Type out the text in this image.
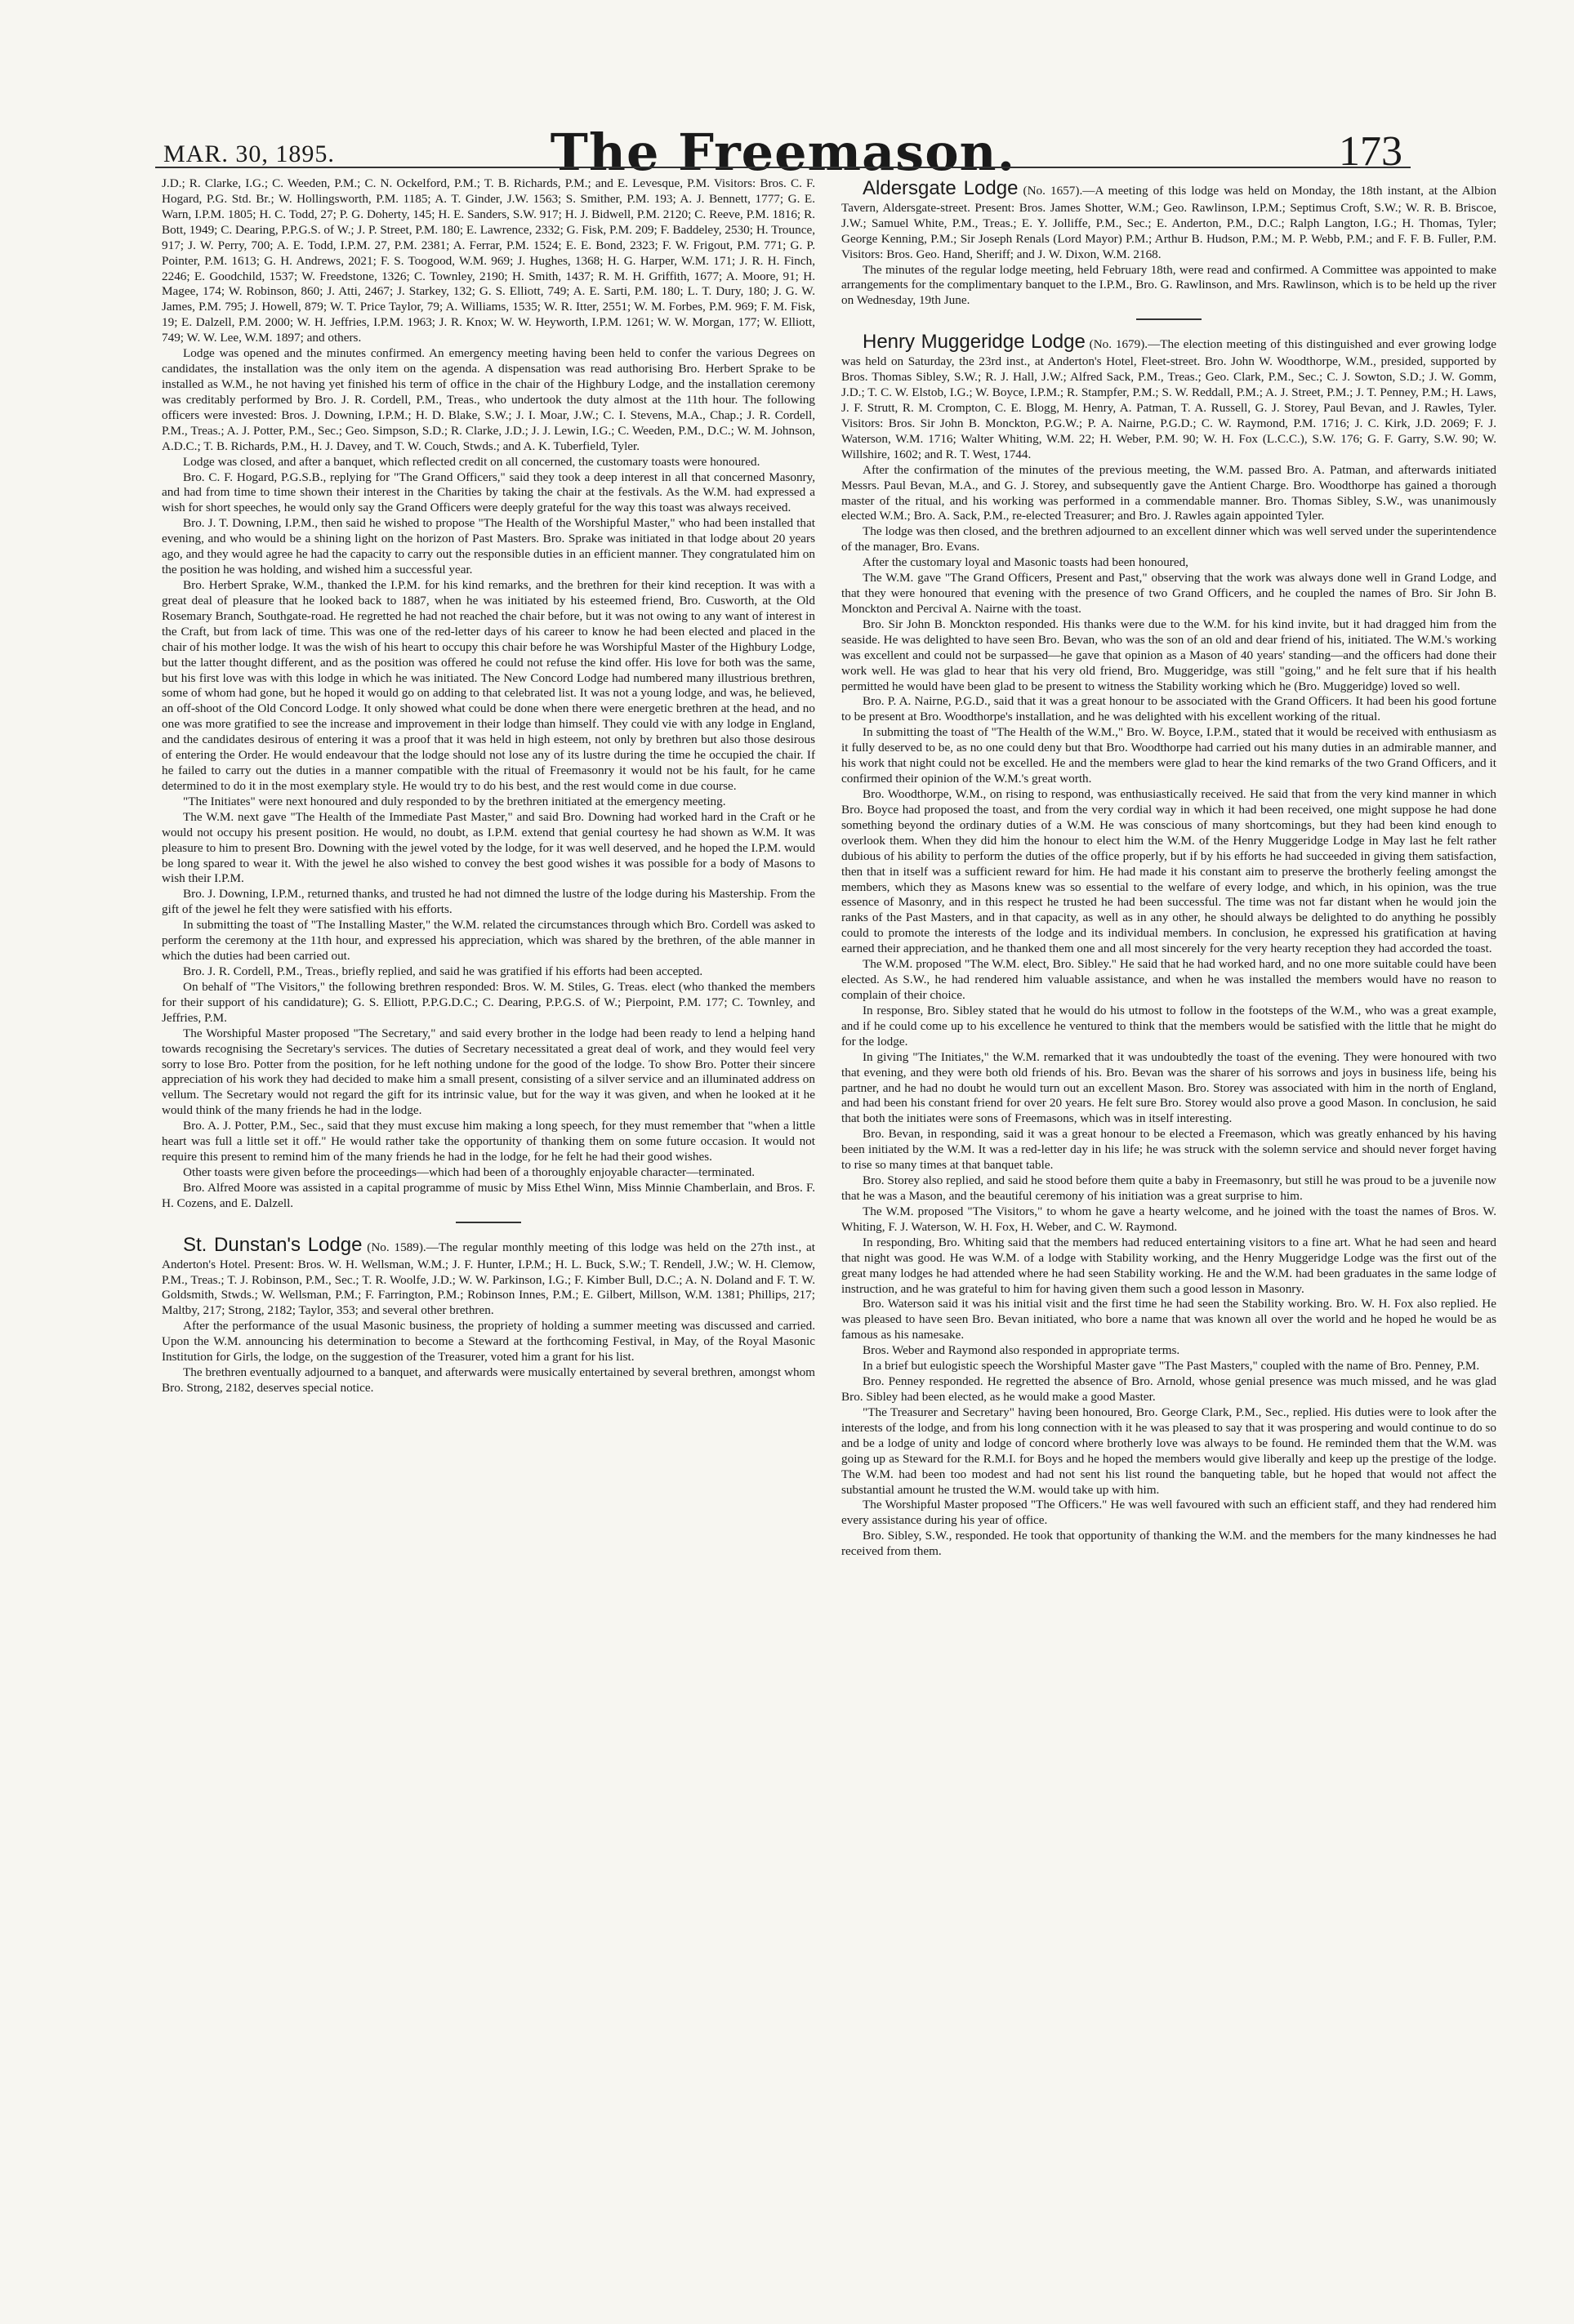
MAR. 30, 1895.	The Freemason.	173

J.D.; R. Clarke, I.G.; C. Weeden, P.M.; C. N. Ockelford, P.M.; T. B. Richards, P.M.; and E. Levesque, P.M. Visitors: Bros. C. F. Hogard, P.G. Std. Br.; W. Hollingsworth, P.M. 1185; A. T. Ginder, J.W. 1563; S. Smither, P.M. 193; A. J. Bennett, 1777; G. E. Warn, I.P.M. 1805; H. C. Todd, 27; P. G. Doherty, 145; H. E. Sanders, S.W. 917; H. J. Bidwell, P.M. 2120; C. Reeve, P.M. 1816; R. Bott, 1949; C. Dearing, P.P.G.S. of W.; J. P. Street, P.M. 180; E. Lawrence, 2332; G. Fisk, P.M. 209; F. Baddeley, 2530; H. Trounce, 917; J. W. Perry, 700; A. E. Todd, I.P.M. 27, P.M. 2381; A. Ferrar, P.M. 1524; E. E. Bond, 2323; F. W. Frigout, P.M. 771; G. P. Pointer, P.M. 1613; G. H. Andrews, 2021; F. S. Toogood, W.M. 969; J. Hughes, 1368; H. G. Harper, W.M. 171; J. R. H. Finch, 2246; E. Goodchild, 1537; W. Freedstone, 1326; C. Townley, 2190; H. Smith, 1437; R. M. H. Griffith, 1677; A. Moore, 91; H. Magee, 174; W. Robinson, 860; J. Atti, 2467; J. Starkey, 132; G. S. Elliott, 749; A. E. Sarti, P.M. 180; L. T. Dury, 180; J. G. W. James, P.M. 795; J. Howell, 879; W. T. Price Taylor, 79; A. Williams, 1535; W. R. Itter, 2551; W. M. Forbes, P.M. 969; F. M. Fisk, 19; E. Dalzell, P.M. 2000; W. H. Jeffries, I.P.M. 1963; J. R. Knox; W. W. Heyworth, I.P.M. 1261; W. W. Morgan, 177; W. Elliott, 749; W. W. Lee, W.M. 1897; and others.

Lodge was opened and the minutes confirmed. An emergency meeting having been held to confer the various Degrees on candidates, the installation was the only item on the agenda. A dispensation was read authorising Bro. Herbert Sprake to be installed as W.M., he not having yet finished his term of office in the chair of the Highbury Lodge, and the installation ceremony was creditably performed by Bro. J. R. Cordell, P.M., Treas., who undertook the duty almost at the 11th hour. The following officers were invested: Bros. J. Downing, I.P.M.; H. D. Blake, S.W.; J. I. Moar, J.W.; C. I. Stevens, M.A., Chap.; J. R. Cordell, P.M., Treas.; A. J. Potter, P.M., Sec.; Geo. Simpson, S.D.; R. Clarke, J.D.; J. J. Lewin, I.G.; C. Weeden, P.M., D.C.; W. M. Johnson, A.D.C.; T. B. Richards, P.M., H. J. Davey, and T. W. Couch, Stwds.; and A. K. Tuberfield, Tyler.

Lodge was closed, and after a banquet, which reflected credit on all concerned, the customary toasts were honoured.

Bro. C. F. Hogard, P.G.S.B., replying for "The Grand Officers," said they took a deep interest in all that concerned Masonry, and had from time to time shown their interest in the Charities by taking the chair at the festivals. As the W.M. had expressed a wish for short speeches, he would only say the Grand Officers were deeply grateful for the way this toast was always received.

Bro. J. T. Downing, I.P.M., then said he wished to propose "The Health of the Worshipful Master," who had been installed that evening, and who would be a shining light on the horizon of Past Masters. Bro. Sprake was initiated in that lodge about 20 years ago, and they would agree he had the capacity to carry out the responsible duties in an efficient manner. They congratulated him on the position he was holding, and wished him a successful year.

Bro. Herbert Sprake, W.M., thanked the I.P.M. for his kind remarks, and the brethren for their kind reception. It was with a great deal of pleasure that he looked back to 1887, when he was initiated by his esteemed friend, Bro. Cusworth, at the Old Rosemary Branch, Southgate-road. He regretted he had not reached the chair before, but it was not owing to any want of interest in the Craft, but from lack of time. This was one of the red-letter days of his career to know he had been elected and placed in the chair of his mother lodge. It was the wish of his heart to occupy this chair before he was Worshipful Master of the Highbury Lodge, but the latter thought different, and as the position was offered he could not refuse the kind offer. His love for both was the same, but his first love was with this lodge in which he was initiated. The New Concord Lodge had numbered many illustrious brethren, some of whom had gone, but he hoped it would go on adding to that celebrated list. It was not a young lodge, and was, he believed, an off-shoot of the Old Concord Lodge. It only showed what could be done when there were energetic brethren at the head, and no one was more gratified to see the increase and improvement in their lodge than himself. They could vie with any lodge in England, and the candidates desirous of entering it was a proof that it was held in high esteem, not only by brethren but also those desirous of entering the Order. He would endeavour that the lodge should not lose any of its lustre during the time he occupied the chair. If he failed to carry out the duties in a manner compatible with the ritual of Freemasonry it would not be his fault, for he came determined to do it in the most exemplary style. He would try to do his best, and the rest would come in due course.

"The Initiates" were next honoured and duly responded to by the brethren initiated at the emergency meeting.

The W.M. next gave "The Health of the Immediate Past Master," and said Bro. Downing had worked hard in the Craft or he would not occupy his present position. He would, no doubt, as I.P.M. extend that genial courtesy he had shown as W.M. It was pleasure to him to present Bro. Downing with the jewel voted by the lodge, for it was well deserved, and he hoped the I.P.M. would be long spared to wear it. With the jewel he also wished to convey the best good wishes it was possible for a body of Masons to wish their I.P.M.

Bro. J. Downing, I.P.M., returned thanks, and trusted he had not dimned the lustre of the lodge during his Mastership. From the gift of the jewel he felt they were satisfied with his efforts.

In submitting the toast of "The Installing Master," the W.M. related the circumstances through which Bro. Cordell was asked to perform the ceremony at the 11th hour, and expressed his appreciation, which was shared by the brethren, of the able manner in which the duties had been carried out.

Bro. J. R. Cordell, P.M., Treas., briefly replied, and said he was gratified if his efforts had been accepted.

On behalf of "The Visitors," the following brethren responded: Bros. W. M. Stiles, G. Treas. elect (who thanked the members for their support of his candidature); G. S. Elliott, P.P.G.D.C.; C. Dearing, P.P.G.S. of W.; Pierpoint, P.M. 177; C. Townley, and Jeffries, P.M.

The Worshipful Master proposed "The Secretary," and said every brother in the lodge had been ready to lend a helping hand towards recognising the Secretary's services. The duties of Secretary necessitated a great deal of work, and they would feel very sorry to lose Bro. Potter from the position, for he left nothing undone for the good of the lodge. To show Bro. Potter their sincere appreciation of his work they had decided to make him a small present, consisting of a silver service and an illuminated address on vellum. The Secretary would not regard the gift for its intrinsic value, but for the way it was given, and when he looked at it he would think of the many friends he had in the lodge.

Bro. A. J. Potter, P.M., Sec., said that they must excuse him making a long speech, for they must remember that "when a little heart was full a little set it off." He would rather take the opportunity of thanking them on some future occasion. It would not require this present to remind him of the many friends he had in the lodge, for he felt he had their good wishes.

Other toasts were given before the proceedings—which had been of a thoroughly enjoyable character—terminated.

Bro. Alfred Moore was assisted in a capital programme of music by Miss Ethel Winn, Miss Minnie Chamberlain, and Bros. F. H. Cozens, and E. Dalzell.

St. Dunstan's Lodge (No. 1589).—The regular monthly meeting of this lodge was held on the 27th inst., at Anderton's Hotel. Present: Bros. W. H. Wellsman, W.M.; J. F. Hunter, I.P.M.; H. L. Buck, S.W.; T. Rendell, J.W.; W. H. Clemow, P.M., Treas.; T. J. Robinson, P.M., Sec.; T. R. Woolfe, J.D.; W. W. Parkinson, I.G.; F. Kimber Bull, D.C.; A. N. Doland and F. T. W. Goldsmith, Stwds.; W. Wellsman, P.M.; F. Farrington, P.M.; Robinson Innes, P.M.; E. Gilbert, Millson, W.M. 1381; Phillips, 217; Maltby, 217; Strong, 2182; Taylor, 353; and several other brethren.

After the performance of the usual Masonic business, the propriety of holding a summer meeting was discussed and carried. Upon the W.M. announcing his determination to become a Steward at the forthcoming Festival, in May, of the Royal Masonic Institution for Girls, the lodge, on the suggestion of the Treasurer, voted him a grant for his list.

The brethren eventually adjourned to a banquet, and afterwards were musically entertained by several brethren, amongst whom Bro. Strong, 2182, deserves special notice.

Aldersgate Lodge (No. 1657).—A meeting of this lodge was held on Monday, the 18th instant, at the Albion Tavern, Aldersgate-street. Present: Bros. James Shotter, W.M.; Geo. Rawlinson, I.P.M.; Septimus Croft, S.W.; W. R. B. Briscoe, J.W.; Samuel White, P.M., Treas.; E. Y. Jolliffe, P.M., Sec.; E. Anderton, P.M., D.C.; Ralph Langton, I.G.; H. Thomas, Tyler; George Kenning, P.M.; Sir Joseph Renals (Lord Mayor) P.M.; Arthur B. Hudson, P.M.; M. P. Webb, P.M.; and F. F. B. Fuller, P.M. Visitors: Bros. Geo. Hand, Sheriff; and J. W. Dixon, W.M. 2168.

The minutes of the regular lodge meeting, held February 18th, were read and confirmed. A Committee was appointed to make arrangements for the complimentary banquet to the I.P.M., Bro. G. Rawlinson, and Mrs. Rawlinson, which is to be held up the river on Wednesday, 19th June.

Henry Muggeridge Lodge (No. 1679).—The election meeting of this distinguished and ever growing lodge was held on Saturday, the 23rd inst., at Anderton's Hotel, Fleet-street. Bro. John W. Woodthorpe, W.M., presided, supported by Bros. Thomas Sibley, S.W.; R. J. Hall, J.W.; Alfred Sack, P.M., Treas.; Geo. Clark, P.M., Sec.; C. J. Sowton, S.D.; J. W. Gomm, J.D.; T. C. W. Elstob, I.G.; W. Boyce, I.P.M.; R. Stampfer, P.M.; S. W. Reddall, P.M.; A. J. Street, P.M.; J. T. Penney, P.M.; H. Laws, J. F. Strutt, R. M. Crompton, C. E. Blogg, M. Henry, A. Patman, T. A. Russell, G. J. Storey, Paul Bevan, and J. Rawles, Tyler. Visitors: Bros. Sir John B. Monckton, P.G.W.; P. A. Nairne, P.G.D.; C. W. Raymond, P.M. 1716; J. C. Kirk, J.D. 2069; F. J. Waterson, W.M. 1716; Walter Whiting, W.M. 22; H. Weber, P.M. 90; W. H. Fox (L.C.C.), S.W. 176; G. F. Garry, S.W. 90; W. Willshire, 1602; and R. T. West, 1744.

After the confirmation of the minutes of the previous meeting, the W.M. passed Bro. A. Patman, and afterwards initiated Messrs. Paul Bevan, M.A., and G. J. Storey, and subsequently gave the Antient Charge. Bro. Woodthorpe has gained a thorough master of the ritual, and his working was performed in a commendable manner. Bro. Thomas Sibley, S.W., was unanimously elected W.M.; Bro. A. Sack, P.M., re-elected Treasurer; and Bro. J. Rawles again appointed Tyler.

The lodge was then closed, and the brethren adjourned to an excellent dinner which was well served under the superintendence of the manager, Bro. Evans.

After the customary loyal and Masonic toasts had been honoured,

The W.M. gave "The Grand Officers, Present and Past," observing that the work was always done well in Grand Lodge, and that they were honoured that evening with the presence of two Grand Officers, and he coupled the names of Bro. Sir John B. Monckton and Percival A. Nairne with the toast.

Bro. Sir John B. Monckton responded. His thanks were due to the W.M. for his kind invite, but it had dragged him from the seaside. He was delighted to have seen Bro. Bevan, who was the son of an old and dear friend of his, initiated. The W.M.'s working was excellent and could not be surpassed—he gave that opinion as a Mason of 40 years' standing—and the officers had done their work well. He was glad to hear that his very old friend, Bro. Muggeridge, was still "going," and he felt sure that if his health permitted he would have been glad to be present to witness the Stability working which he (Bro. Muggeridge) loved so well.

Bro. P. A. Nairne, P.G.D., said that it was a great honour to be associated with the Grand Officers. It had been his good fortune to be present at Bro. Woodthorpe's installation, and he was delighted with his excellent working of the ritual.

In submitting the toast of "The Health of the W.M.," Bro. W. Boyce, I.P.M., stated that it would be received with enthusiasm as it fully deserved to be, as no one could deny but that Bro. Woodthorpe had carried out his many duties in an admirable manner, and his work that night could not be excelled. He and the members were glad to hear the kind remarks of the two Grand Officers, and it confirmed their opinion of the W.M.'s great worth.

Bro. Woodthorpe, W.M., on rising to respond, was enthusiastically received. He said that from the very kind manner in which Bro. Boyce had proposed the toast, and from the very cordial way in which it had been received, one might suppose he had done something beyond the ordinary duties of a W.M. He was conscious of many shortcomings, but they had been kind enough to overlook them. When they did him the honour to elect him the W.M. of the Henry Muggeridge Lodge in May last he felt rather dubious of his ability to perform the duties of the office properly, but if by his efforts he had succeeded in giving them satisfaction, then that in itself was a sufficient reward for him. He had made it his constant aim to preserve the brotherly feeling amongst the members, which they as Masons knew was so essential to the welfare of every lodge, and which, in his opinion, was the true essence of Masonry, and in this respect he trusted he had been successful. The time was not far distant when he would join the ranks of the Past Masters, and in that capacity, as well as in any other, he should always be delighted to do anything he possibly could to promote the interests of the lodge and its individual members. In conclusion, he expressed his gratification at having earned their appreciation, and he thanked them one and all most sincerely for the very hearty reception they had accorded the toast.

The W.M. proposed "The W.M. elect, Bro. Sibley." He said that he had worked hard, and no one more suitable could have been elected. As S.W., he had rendered him valuable assistance, and when he was installed the members would have no reason to complain of their choice.

In response, Bro. Sibley stated that he would do his utmost to follow in the footsteps of the W.M., who was a great example, and if he could come up to his excellence he ventured to think that the members would be satisfied with the little that he might do for the lodge.

In giving "The Initiates," the W.M. remarked that it was undoubtedly the toast of the evening. They were honoured with two that evening, and they were both old friends of his. Bro. Bevan was the sharer of his sorrows and joys in business life, being his partner, and he had no doubt he would turn out an excellent Mason. Bro. Storey was associated with him in the north of England, and had been his constant friend for over 20 years. He felt sure Bro. Storey would also prove a good Mason. In conclusion, he said that both the initiates were sons of Freemasons, which was in itself interesting.

Bro. Bevan, in responding, said it was a great honour to be elected a Freemason, which was greatly enhanced by his having been initiated by the W.M. It was a red-letter day in his life; he was struck with the solemn service and should never forget having to rise so many times at that banquet table.

Bro. Storey also replied, and said he stood before them quite a baby in Freemasonry, but still he was proud to be a juvenile now that he was a Mason, and the beautiful ceremony of his initiation was a great surprise to him.

The W.M. proposed "The Visitors," to whom he gave a hearty welcome, and he joined with the toast the names of Bros. W. Whiting, F. J. Waterson, W. H. Fox, H. Weber, and C. W. Raymond.

In responding, Bro. Whiting said that the members had reduced entertaining visitors to a fine art. What he had seen and heard that night was good. He was W.M. of a lodge with Stability working, and the Henry Muggeridge Lodge was the first out of the great many lodges he had attended where he had seen Stability working. He and the W.M. had been graduates in the same lodge of instruction, and he was grateful to him for having given them such a good lesson in Masonry.

Bro. Waterson said it was his initial visit and the first time he had seen the Stability working. Bro. W. H. Fox also replied. He was pleased to have seen Bro. Bevan initiated, who bore a name that was known all over the world and he hoped he would be as famous as his namesake.

Bros. Weber and Raymond also responded in appropriate terms.

In a brief but eulogistic speech the Worshipful Master gave "The Past Masters," coupled with the name of Bro. Penney, P.M.

Bro. Penney responded. He regretted the absence of Bro. Arnold, whose genial presence was much missed, and he was glad Bro. Sibley had been elected, as he would make a good Master.

"The Treasurer and Secretary" having been honoured, Bro. George Clark, P.M., Sec., replied. His duties were to look after the interests of the lodge, and from his long connection with it he was pleased to say that it was prospering and would continue to do so and be a lodge of unity and lodge of concord where brotherly love was always to be found. He reminded them that the W.M. was going up as Steward for the R.M.I. for Boys and he hoped the members would give liberally and keep up the prestige of the lodge. The W.M. had been too modest and had not sent his list round the banqueting table, but he hoped that would not affect the substantial amount he trusted the W.M. would take up with him.

The Worshipful Master proposed "The Officers." He was well favoured with such an efficient staff, and they had rendered him every assistance during his year of office.

Bro. Sibley, S.W., responded. He took that opportunity of thanking the W.M. and the members for the many kindnesses he had received from them.
